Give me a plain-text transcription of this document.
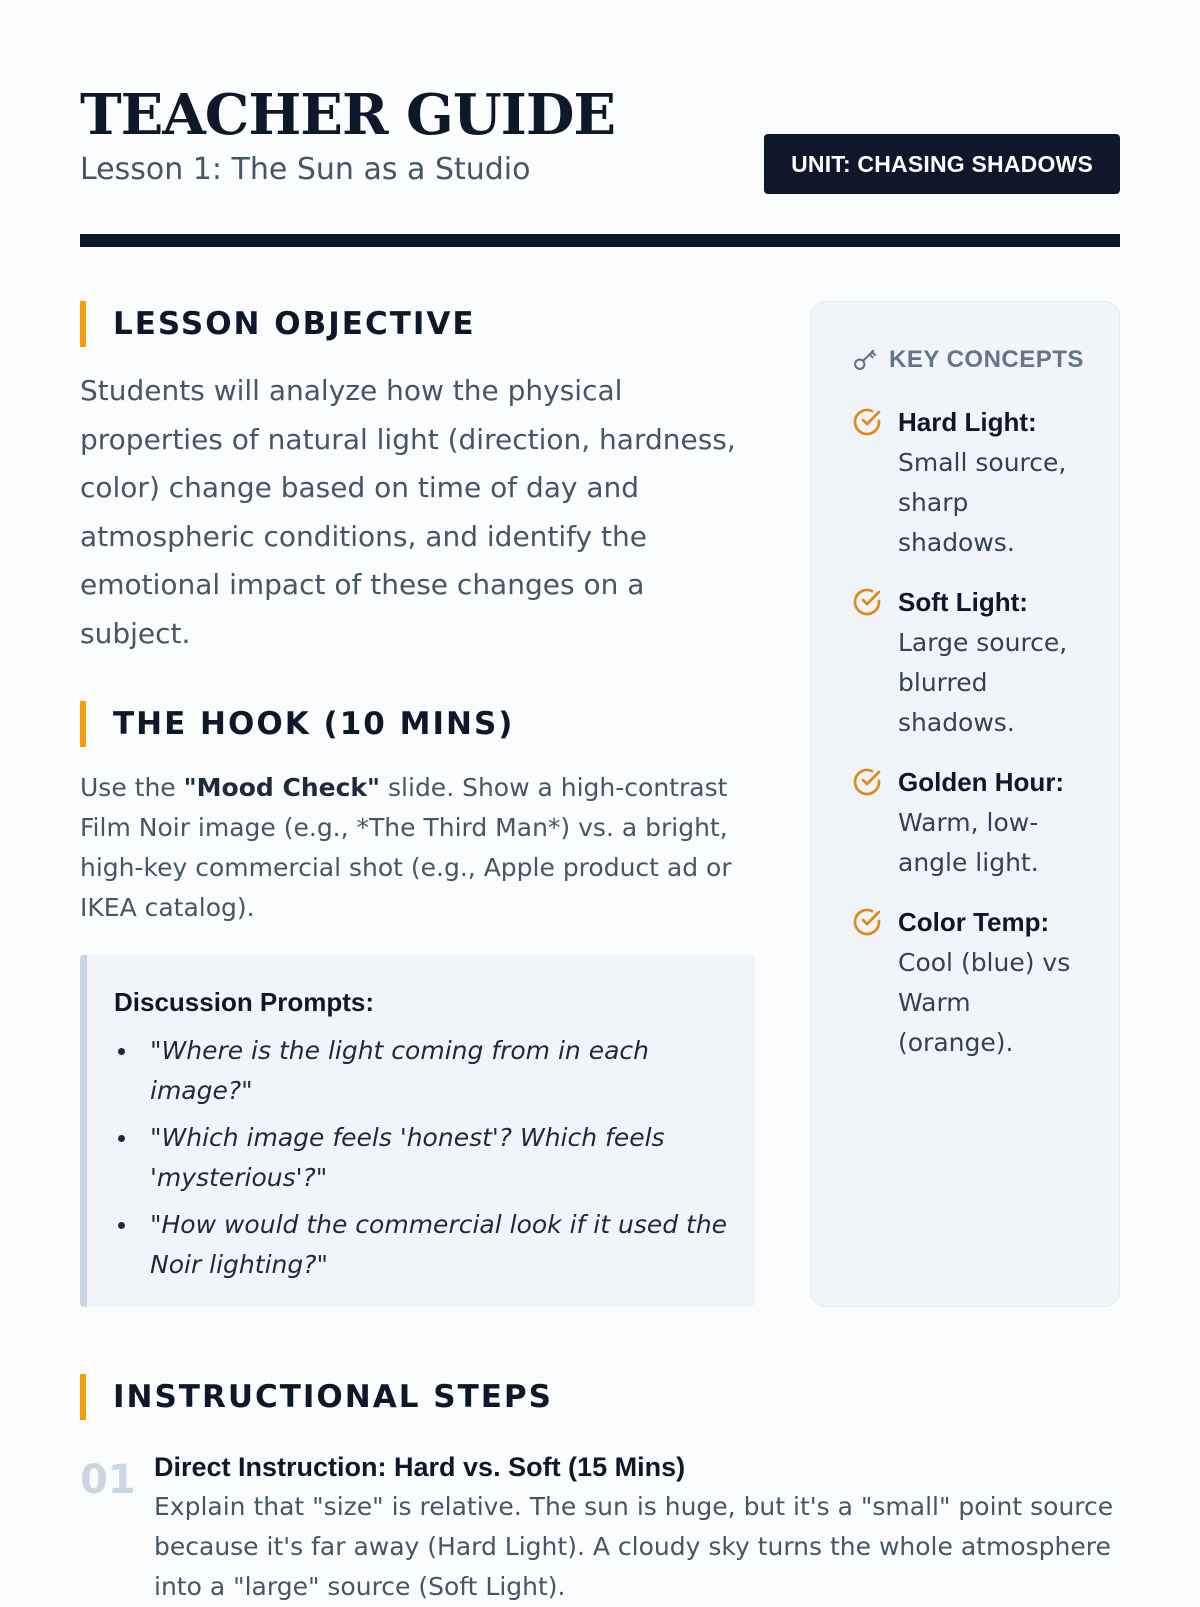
TEACHER GUIDE
Lesson 1: The Sun as a Studio	UNIT: CHASING SHADOWS
LESSON OBJECTIVE

Students will analyze how the physical properties of natural light (direction, hardness, color) change based on time of day and atmospheric conditions, and identify the emotional impact of these changes on a subject.

THE HOOK (10 MINS)

Use the "Mood Check" slide. Show a high-contrast Film Noir image (e.g., *The Third Man*) vs. a bright, high-key commercial shot (e.g., Apple product ad or IKEA catalog).

Discussion Prompts:
"Where is the light coming from in each image?"
"Which image feels 'honest'? Which feels 'mysterious'?"
"How would the commercial look if it used the Noir lighting?"
KEY CONCEPTS
Hard Light: Small source, sharp shadows.
Soft Light: Large source, blurred shadows.
Golden Hour: Warm, low-angle light.
Color Temp: Cool (blue) vs Warm (orange).
INSTRUCTIONAL STEPS
01 Direct Instruction: Hard vs. Soft (15 Mins)

Explain that "size" is relative. The sun is huge, but it's a "small" point source because it's far away (Hard Light). A cloudy sky turns the whole atmosphere into a "large" source (Soft Light).
